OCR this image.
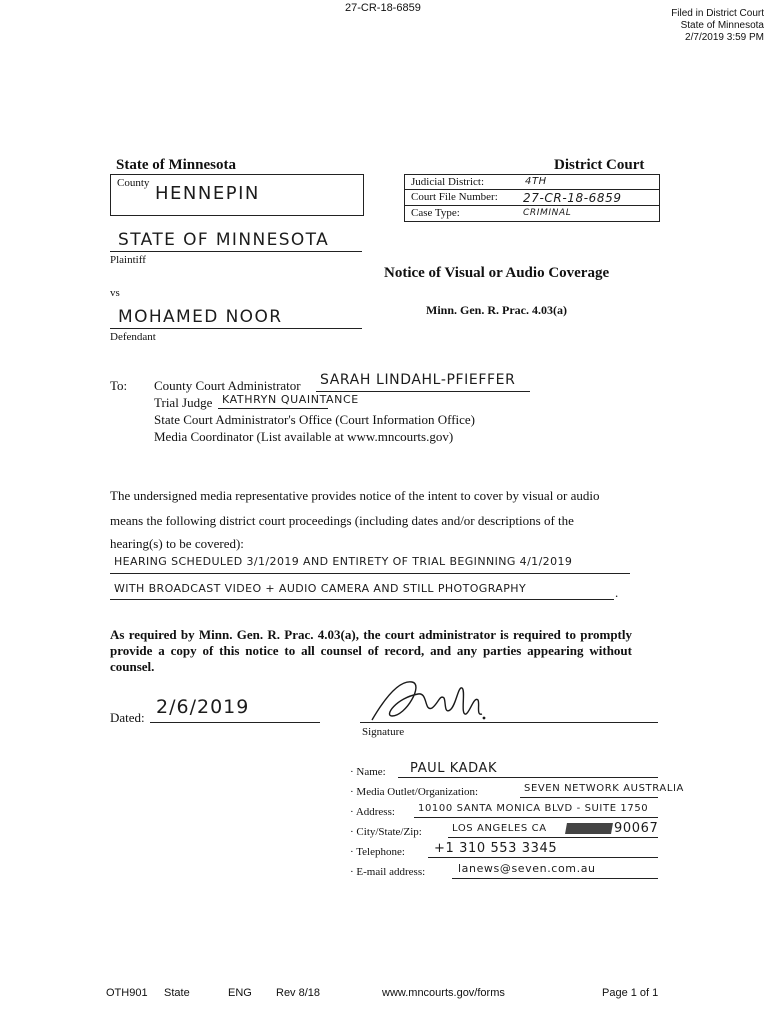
27-CR-18-6859	Filed in District Court
State of Minnesota
2/7/2019 3:59 PM
State of Minnesota	District Court
County HENNEPIN
Judicial District:	4TH
Court File Number: 27-CR-18-6859
Case Type:	CRIMINAL
STATE OF MINNESOTA
Plaintiff
vs
MOHAMED NOOR
Defendant
Notice of Visual or Audio Coverage
Minn. Gen. R. Prac. 4.03(a)
To: County Court Administrator SARAH LINDAHL-PFIEFFER
Trial Judge KATHRYN QUAINTANCE
State Court Administrator's Office (Court Information Office)
Media Coordinator (List available at www.mncourts.gov)
The undersigned media representative provides notice of the intent to cover by visual or audio
means the following district court proceedings (including dates and/or descriptions of the
hearing(s) to be covered):
HEARING SCHEDULED 3/1/2019 AND ENTIRETY OF TRIAL BEGINNING 4/1/2019
WITH BROADCAST VIDEO + AUDIO CAMERA AND STILL PHOTOGRAPHY	.
As required by Minn. Gen. R. Prac. 4.03(a), the court administrator is required to promptly provide a copy of this notice to all counsel of record, and any parties appearing without counsel.
Dated: 2/6/2019
Signature
· Name: PAUL KADAK
· Media Outlet/Organization:	SEVEN NETWORK AUSTRALIA
· Address: 10100 SANTA MONICA BLVD - SUITE 1750
· City/State/Zip:	LOS ANGELES CA	90067
· Telephone: +1 310 553 3345
· E-mail address:	lanews@seven.com.au
OTH901 State	ENG Rev 8/18	www.mncourts.gov/forms	Page 1 of 1
